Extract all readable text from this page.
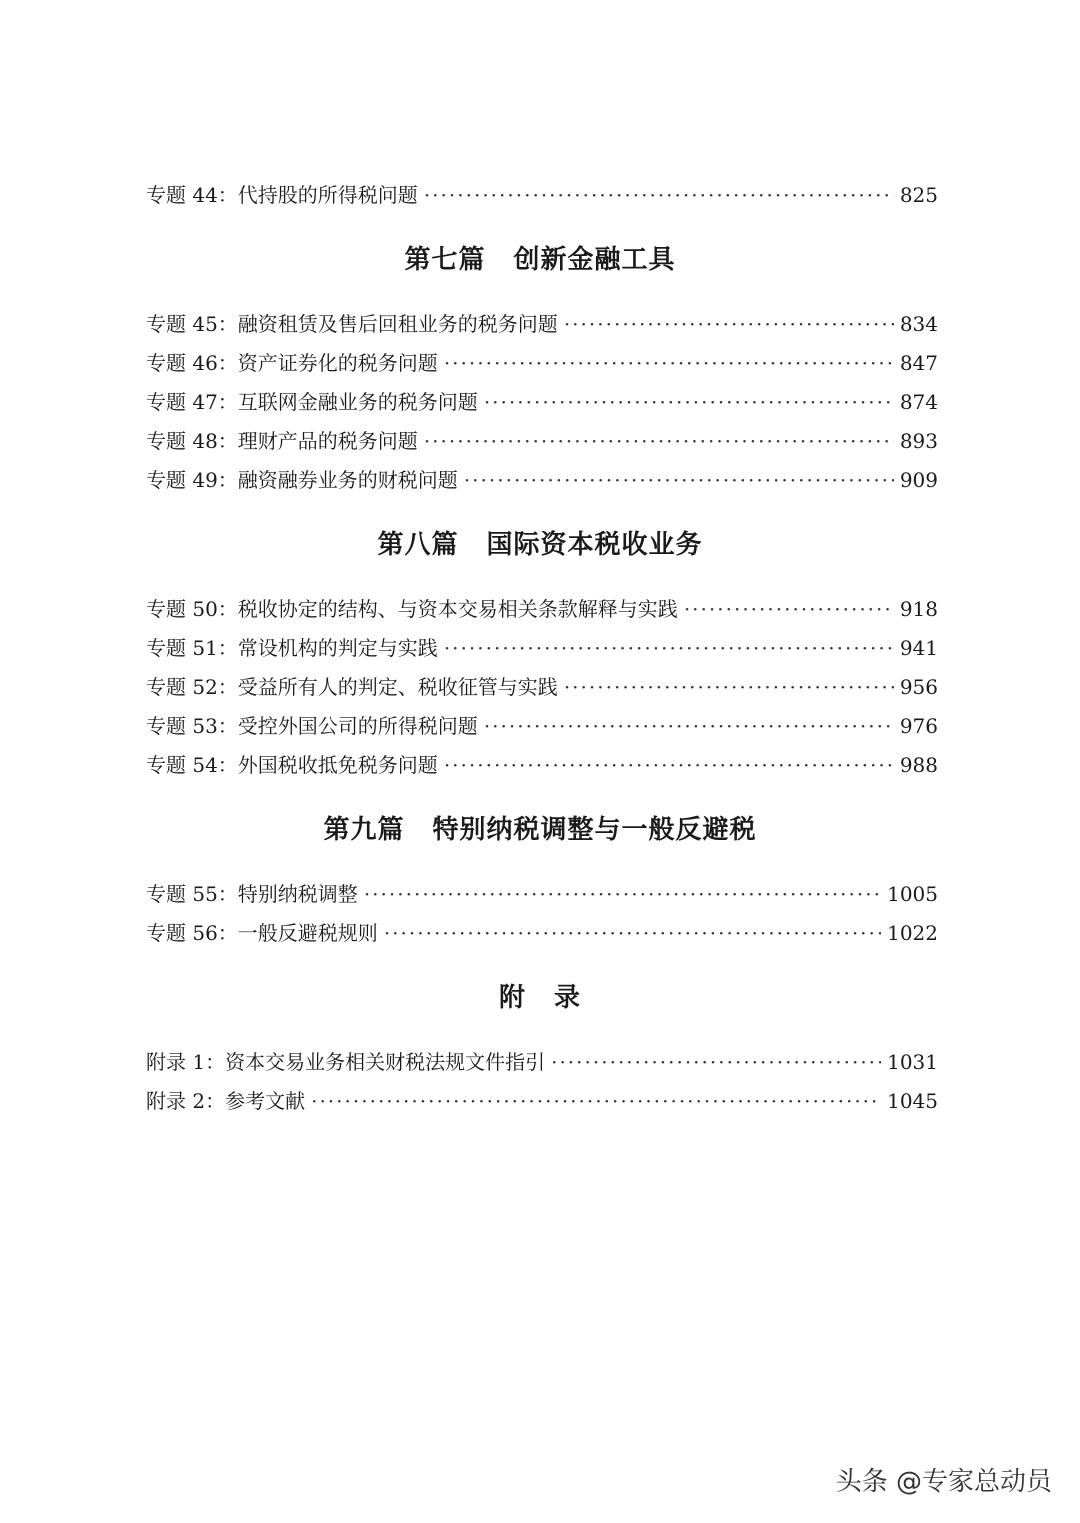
专题 44：代持股的所得税问题 ·····	825
第七篇 创新金融工具
专题 45：融资租赁及售后回租业务的税务问题 ·····	834
专题 46：资产证券化的税务问题 ·····	847
专题 47：互联网金融业务的税务问题 ·····	874
专题 48：理财产品的税务问题 ·····	893
专题 49：融资融券业务的财税问题 ·····	909
第八篇 国际资本税收业务
专题 50：税收协定的结构、与资本交易相关条款解释与实践 ·····	918
专题 51：常设机构的判定与实践 ·····	941
专题 52：受益所有人的判定、税收征管与实践 ·····	956
专题 53：受控外国公司的所得税问题 ·····	976
专题 54：外国税收抵免税务问题 ·····	988
第九篇 特别纳税调整与一般反避税
专题 55：特别纳税调整 ·····	1005
专题 56：一般反避税规则 ·····	1022
附 录
附录 1：资本交易业务相关财税法规文件指引 ·····	1031
附录 2：参考文献 ·····	1045
头条 @专家总动员
